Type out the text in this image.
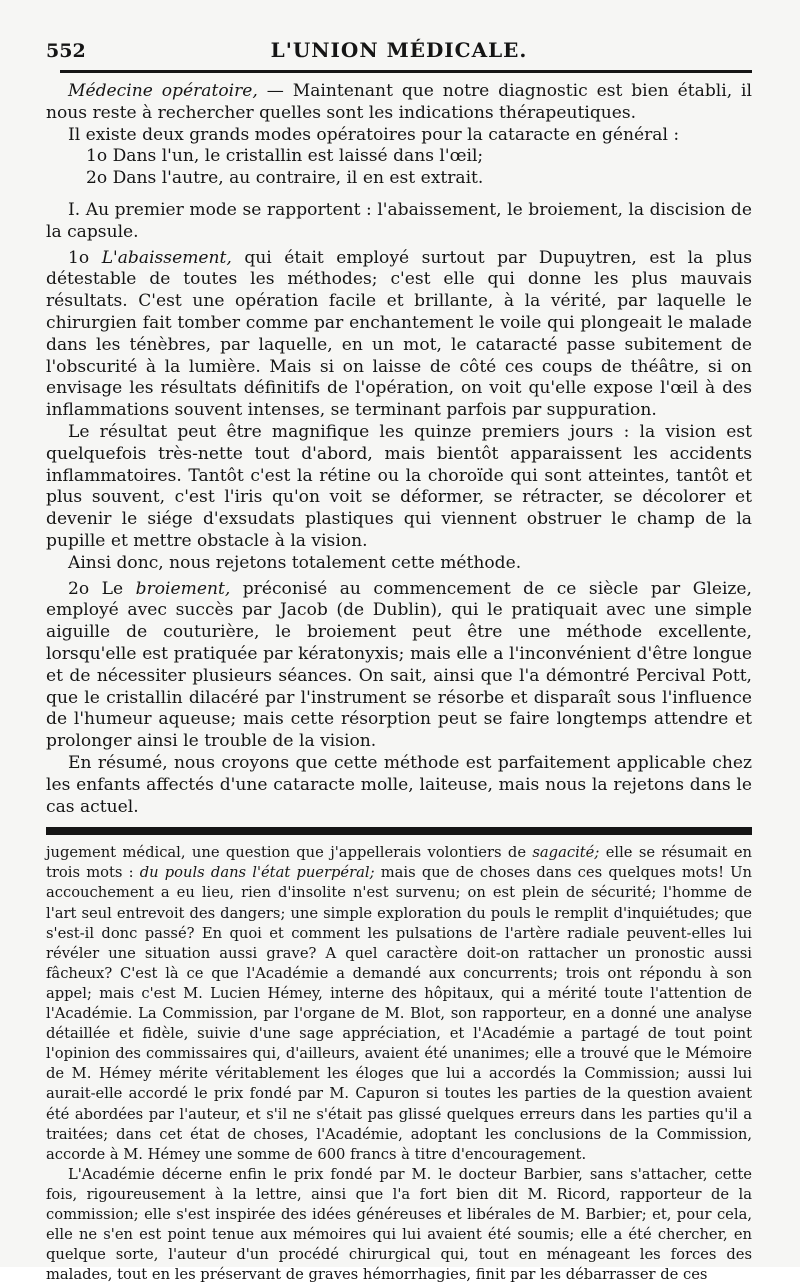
552	L'UNION MÉDICALE.

Médecine opératoire, — Maintenant que notre diagnostic est bien établi, il nous reste à rechercher quelles sont les indications thérapeutiques.

Il existe deux grands modes opératoires pour la cataracte en général :

1o Dans l'un, le cristallin est laissé dans l'œil;

2o Dans l'autre, au contraire, il en est extrait.

I. Au premier mode se rapportent : l'abaissement, le broiement, la discision de la capsule.

1o L'abaissement, qui était employé surtout par Dupuytren, est la plus détestable de toutes les méthodes; c'est elle qui donne les plus mauvais résultats. C'est une opération facile et brillante, à la vérité, par laquelle le chirurgien fait tomber comme par enchantement le voile qui plongeait le malade dans les ténèbres, par laquelle, en un mot, le cataracté passe subitement de l'obscurité à la lumière. Mais si on laisse de côté ces coups de théâtre, si on envisage les résultats définitifs de l'opération, on voit qu'elle expose l'œil à des inflammations souvent intenses, se terminant parfois par suppuration.

Le résultat peut être magnifique les quinze premiers jours : la vision est quelquefois très-nette tout d'abord, mais bientôt apparaissent les accidents inflammatoires. Tantôt c'est la rétine ou la choroïde qui sont atteintes, tantôt et plus souvent, c'est l'iris qu'on voit se déformer, se rétracter, se décolorer et devenir le siége d'exsudats plastiques qui viennent obstruer le champ de la pupille et mettre obstacle à la vision.

Ainsi donc, nous rejetons totalement cette méthode.

2o Le broiement, préconisé au commencement de ce siècle par Gleize, employé avec succès par Jacob (de Dublin), qui le pratiquait avec une simple aiguille de couturière, le broiement peut être une méthode excellente, lorsqu'elle est pratiquée par kératonyxis; mais elle a l'inconvénient d'être longue et de nécessiter plusieurs séances. On sait, ainsi que l'a démontré Percival Pott, que le cristallin dilacéré par l'instrument se résorbe et disparaît sous l'influence de l'humeur aqueuse; mais cette résorption peut se faire longtemps attendre et prolonger ainsi le trouble de la vision.

En résumé, nous croyons que cette méthode est parfaitement applicable chez les enfants affectés d'une cataracte molle, laiteuse, mais nous la rejetons dans le cas actuel.

jugement médical, une question que j'appellerais volontiers de sagacité; elle se résumait en trois mots : du pouls dans l'état puerpéral; mais que de choses dans ces quelques mots! Un accouchement a eu lieu, rien d'insolite n'est survenu; on est plein de sécurité; l'homme de l'art seul entrevoit des dangers; une simple exploration du pouls le remplit d'inquiétudes; que s'est-il donc passé? En quoi et comment les pulsations de l'artère radiale peuvent-elles lui révéler une situation aussi grave? A quel caractère doit-on rattacher un pronostic aussi fâcheux? C'est là ce que l'Académie a demandé aux concurrents; trois ont répondu à son appel; mais c'est M. Lucien Hémey, interne des hôpitaux, qui a mérité toute l'attention de l'Académie. La Commission, par l'organe de M. Blot, son rapporteur, en a donné une analyse détaillée et fidèle, suivie d'une sage appréciation, et l'Académie a partagé de tout point l'opinion des commissaires qui, d'ailleurs, avaient été unanimes; elle a trouvé que le Mémoire de M. Hémey mérite véritablement les éloges que lui a accordés la Commission; aussi lui aurait-elle accordé le prix fondé par M. Capuron si toutes les parties de la question avaient été abordées par l'auteur, et s'il ne s'était pas glissé quelques erreurs dans les parties qu'il a traitées; dans cet état de choses, l'Académie, adoptant les conclusions de la Commission, accorde à M. Hémey une somme de 600 francs à titre d'encouragement.

L'Académie décerne enfin le prix fondé par M. le docteur Barbier, sans s'attacher, cette fois, rigoureusement à la lettre, ainsi que l'a fort bien dit M. Ricord, rapporteur de la commission; elle s'est inspirée des idées généreuses et libérales de M. Barbier; et, pour cela, elle ne s'en est point tenue aux mémoires qui lui avaient été soumis; elle a été chercher, en quelque sorte, l'auteur d'un procédé chirurgical qui, tout en ménageant les forces des malades, tout en les préservant de graves hémorrhagies, finit par les débarrasser de ces
